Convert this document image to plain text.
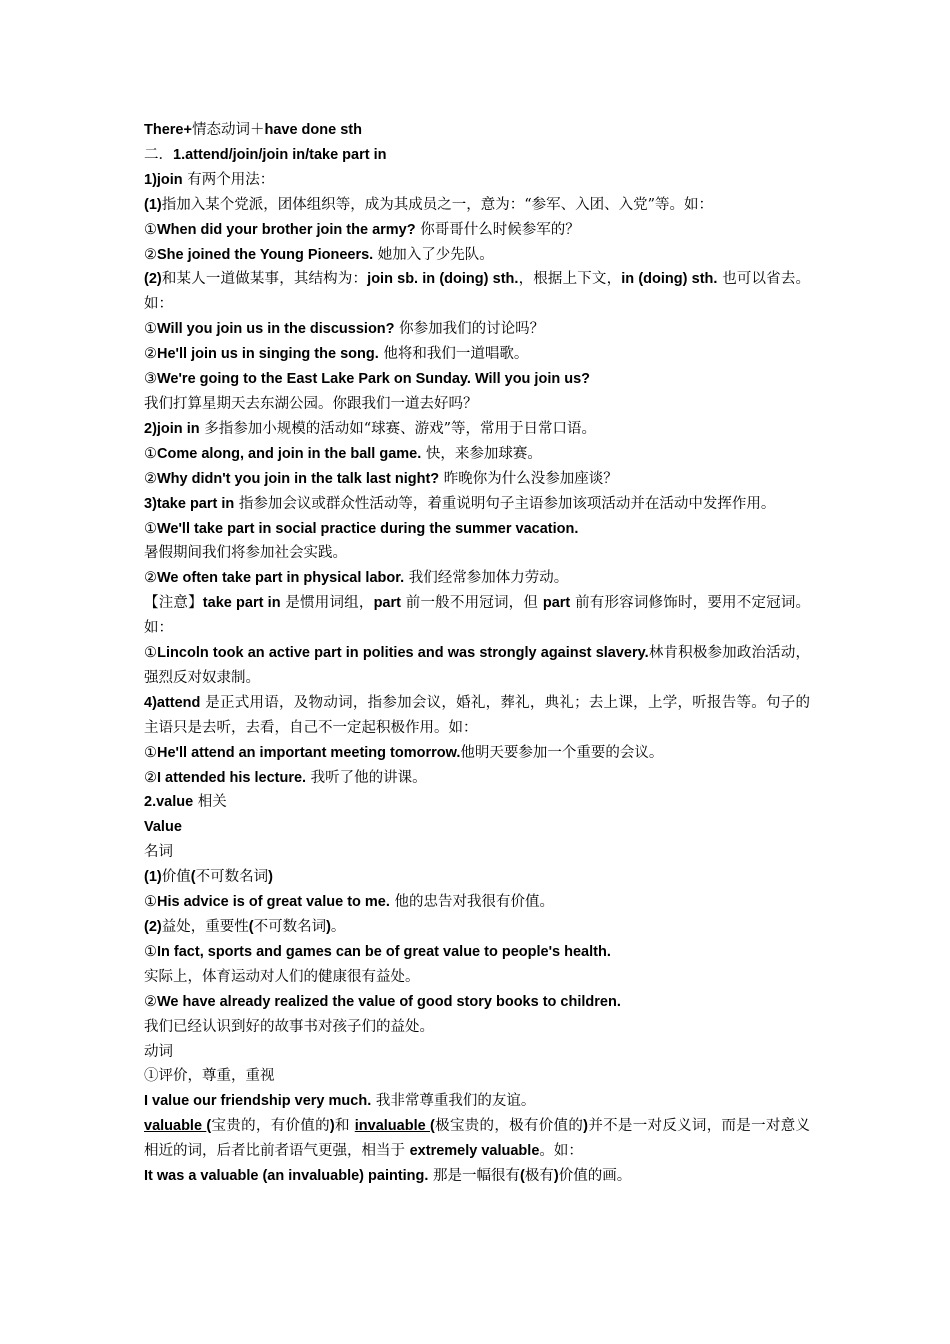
There+情态动词＋have done sth

二．1.attend/join/join in/take part in

1)join 有两个用法：

(1)指加入某个党派，团体组织等，成为其成员之一，意为：“参军、入团、入党”等。如：

①When did your brother join the army? 你哥哥什么时候参军的？

②She joined the Young Pioneers. 她加入了少先队。

(2)和某人一道做某事，其结构为：join sb. in (doing) sth.，根据上下文，in (doing) sth. 也可以省去。如：

①Will you join us in the discussion? 你参加我们的讨论吗？

②He'll join us in singing the song. 他将和我们一道唱歌。

③We're going to the East Lake Park on Sunday. Will you join us?

我们打算星期天去东湖公园。你跟我们一道去好吗？

2)join in 多指参加小规模的活动如“球赛、游戏”等，常用于日常口语。

①Come along, and join in the ball game. 快，来参加球赛。

②Why didn't you join in the talk last night? 昨晚你为什么没参加座谈？

3)take part in 指参加会议或群众性活动等，着重说明句子主语参加该项活动并在活动中发挥作用。

①We'll take part in social practice during the summer vacation.

暑假期间我们将参加社会实践。

②We often take part in physical labor. 我们经常参加体力劳动。

【注意】take part in 是惯用词组，part 前一般不用冠词，但 part 前有形容词修饰时，要用不定冠词。如：

①Lincoln took an active part in polities and was strongly against slavery.林肯积极参加政治活动，强烈反对奴隶制。

4)attend 是正式用语，及物动词，指参加会议，婚礼，葬礼，典礼；去上课，上学，听报告等。句子的主语只是去听，去看，自己不一定起积极作用。如：

①He'll attend an important meeting tomorrow.他明天要参加一个重要的会议。

②I attended his lecture. 我听了他的讲课。

2.value 相关

Value

名词

(1)价值(不可数名词)

①His advice is of great value to me. 他的忠告对我很有价值。

(2)益处，重要性(不可数名词)。

①In fact, sports and games can be of great value to people's health.

实际上，体育运动对人们的健康很有益处。

②We have already realized the value of good story books to children.

我们已经认识到好的故事书对孩子们的益处。

动词

①评价，尊重，重视

I value our friendship very much. 我非常尊重我们的友谊。

valuable (宝贵的，有价值的)和 invaluable (极宝贵的，极有价值的)并不是一对反义词，而是一对意义相近的词，后者比前者语气更强，相当于 extremely valuable。如：

It was a valuable (an invaluable) painting. 那是一幅很有(极有)价值的画。
